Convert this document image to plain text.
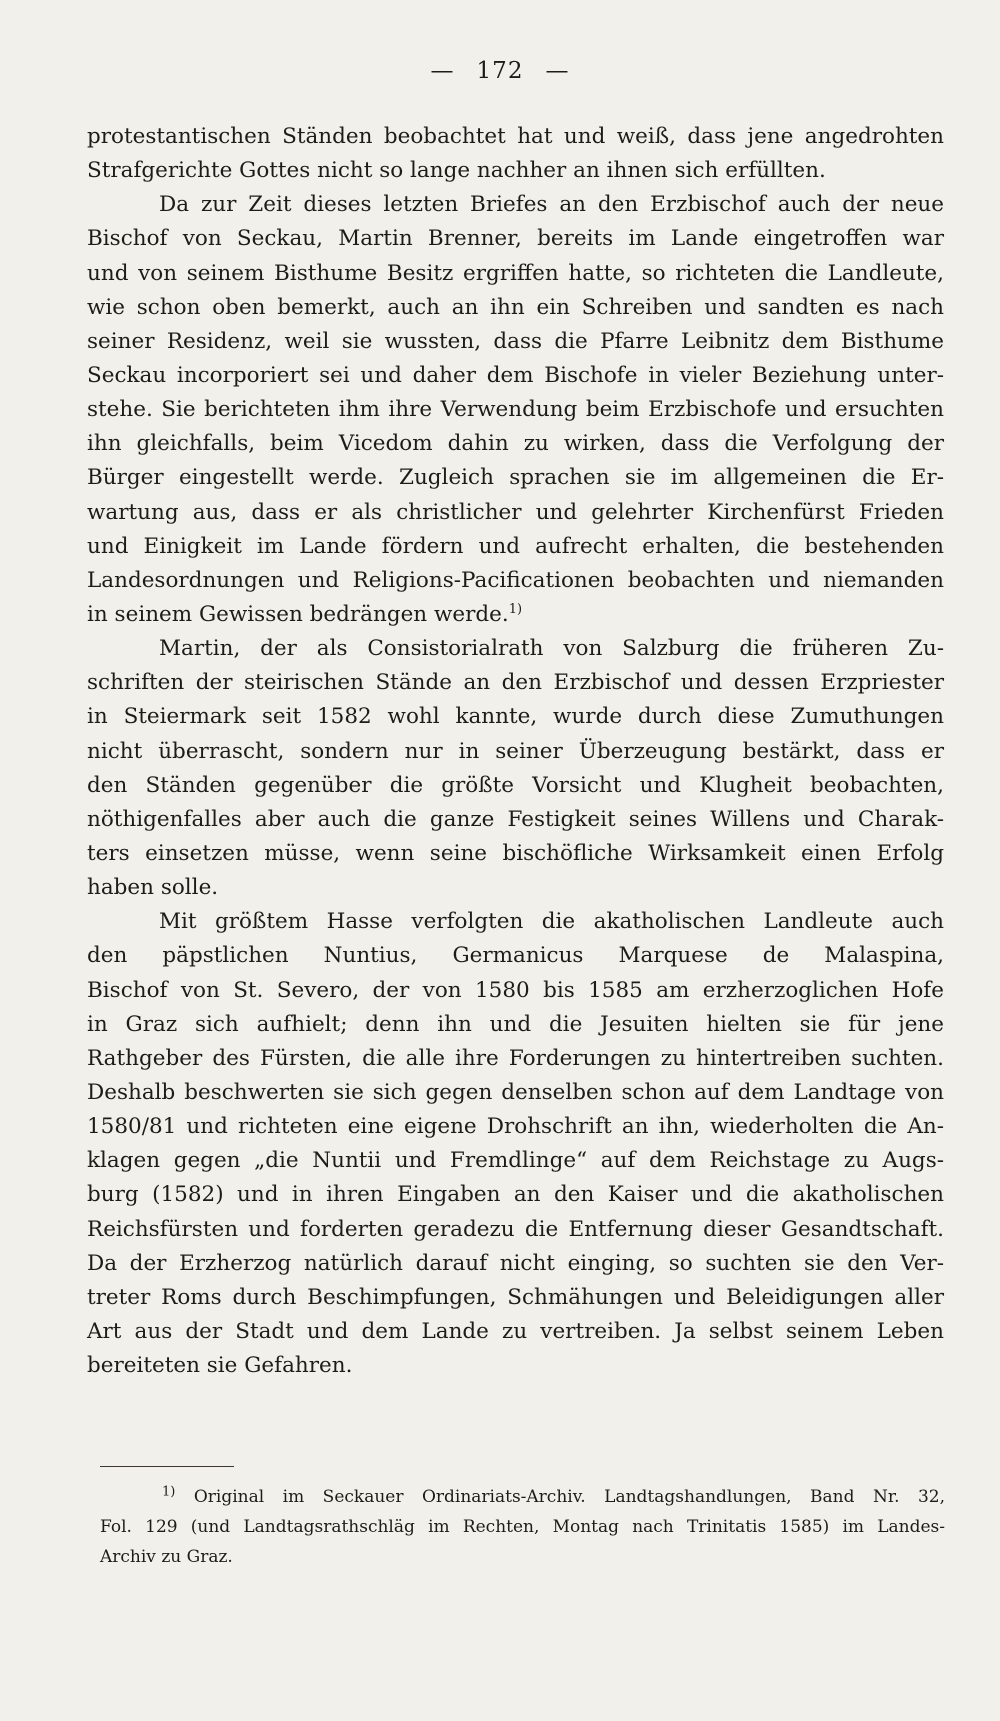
— 172 —
protestantischen Ständen beobachtet hat und weiß, dass jene angedrohten
Strafgerichte Gottes nicht so lange nachher an ihnen sich erfüllten.
Da zur Zeit dieses letzten Briefes an den Erzbischof auch der neue
Bischof von Seckau, Martin Brenner, bereits im Lande eingetroffen war
und von seinem Bisthume Besitz ergriffen hatte, so richteten die Landleute,
wie schon oben bemerkt, auch an ihn ein Schreiben und sandten es nach
seiner Residenz, weil sie wussten, dass die Pfarre Leibnitz dem Bisthume
Seckau incorporiert sei und daher dem Bischofe in vieler Beziehung unter-
stehe. Sie berichteten ihm ihre Verwendung beim Erzbischofe und ersuchten
ihn gleichfalls, beim Vicedom dahin zu wirken, dass die Verfolgung der
Bürger eingestellt werde. Zugleich sprachen sie im allgemeinen die Er-
wartung aus, dass er als christlicher und gelehrter Kirchenfürst Frieden
und Einigkeit im Lande fördern und aufrecht erhalten, die bestehenden
Landesordnungen und Religions-Pacificationen beobachten und niemanden
in seinem Gewissen bedrängen werde.$^{1)}$
Martin, der als Consistorialrath von Salzburg die früheren Zu-
schriften der steirischen Stände an den Erzbischof und dessen Erzpriester
in Steiermark seit 1582 wohl kannte, wurde durch diese Zumuthungen
nicht überrascht, sondern nur in seiner Überzeugung bestärkt, dass er
den Ständen gegenüber die größte Vorsicht und Klugheit beobachten,
nöthigenfalles aber auch die ganze Festigkeit seines Willens und Charak-
ters einsetzen müsse, wenn seine bischöfliche Wirksamkeit einen Erfolg
haben solle.
Mit größtem Hasse verfolgten die akatholischen Landleute auch
den päpstlichen Nuntius, Germanicus Marquese de Malaspina,
Bischof von St. Severo, der von 1580 bis 1585 am erzherzoglichen Hofe
in Graz sich aufhielt; denn ihn und die Jesuiten hielten sie für jene
Rathgeber des Fürsten, die alle ihre Forderungen zu hintertreiben suchten.
Deshalb beschwerten sie sich gegen denselben schon auf dem Landtage von
1580/81 und richteten eine eigene Drohschrift an ihn, wiederholten die An-
klagen gegen „die Nuntii und Fremdlinge“ auf dem Reichstage zu Augs-
burg (1582) und in ihren Eingaben an den Kaiser und die akatholischen
Reichsfürsten und forderten geradezu die Entfernung dieser Gesandtschaft.
Da der Erzherzog natürlich darauf nicht einging, so suchten sie den Ver-
treter Roms durch Beschimpfungen, Schmähungen und Beleidigungen aller
Art aus der Stadt und dem Lande zu vertreiben. Ja selbst seinem Leben
bereiteten sie Gefahren.
$^{1)}$ Original im Seckauer Ordinariats-Archiv. Landtagshandlungen, Band Nr. 32,
Fol. 129 (und Landtagsrathschläg im Rechten, Montag nach Trinitatis 1585) im Landes-
Archiv zu Graz.
